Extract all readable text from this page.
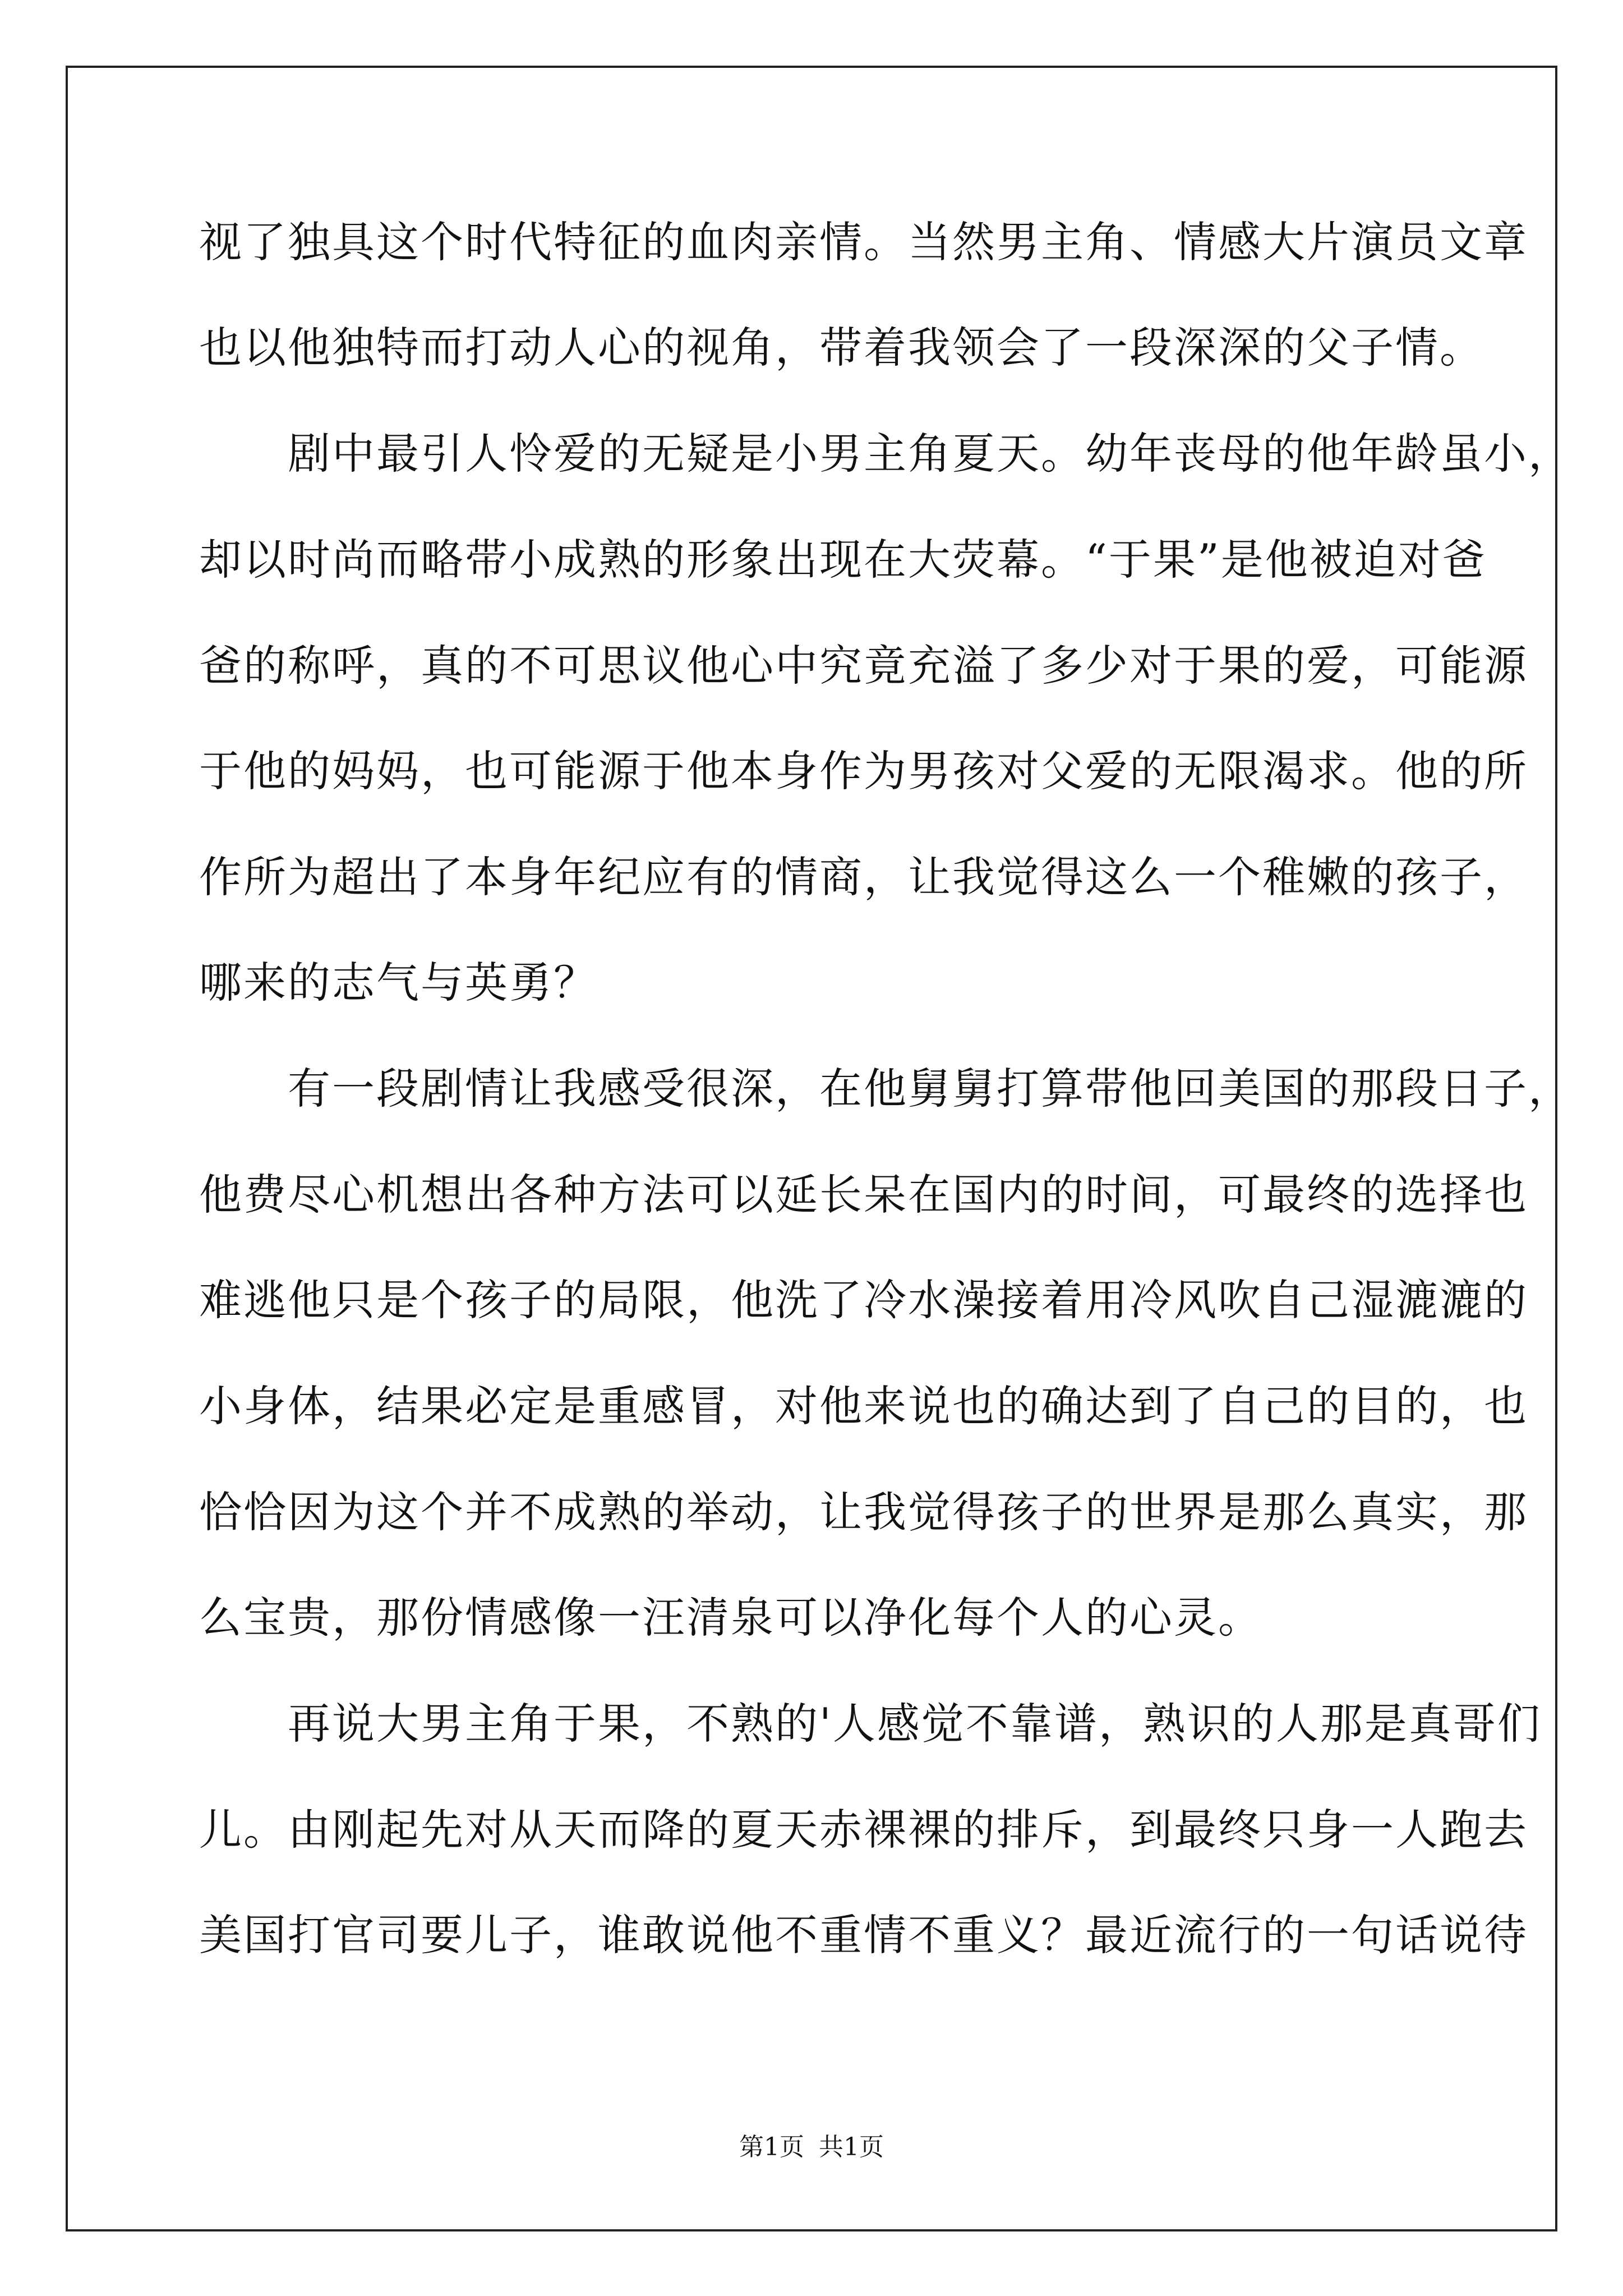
视了独具这个时代特征的血肉亲情。当然男主角、情感大片演员文章
也以他独特而打动人心的视角，带着我领会了一段深深的父子情。
　　剧中最引人怜爱的无疑是小男主角夏天。幼年丧母的他年龄虽小，
却以时尚而略带小成熟的形象出现在大荧幕。“于果”是他被迫对爸
爸的称呼，真的不可思议他心中究竟充溢了多少对于果的爱，可能源
于他的妈妈，也可能源于他本身作为男孩对父爱的无限渴求。他的所
作所为超出了本身年纪应有的情商，让我觉得这么一个稚嫩的孩子，
哪来的志气与英勇？
　　有一段剧情让我感受很深，在他舅舅打算带他回美国的那段日子，
他费尽心机想出各种方法可以延长呆在国内的时间，可最终的选择也
难逃他只是个孩子的局限，他洗了冷水澡接着用冷风吹自己湿漉漉的
小身体，结果必定是重感冒，对他来说也的确达到了自己的目的，也
恰恰因为这个并不成熟的举动，让我觉得孩子的世界是那么真实，那
么宝贵，那份情感像一汪清泉可以净化每个人的心灵。
　　再说大男主角于果，不熟的'人感觉不靠谱，熟识的人那是真哥们
儿。由刚起先对从天而降的夏天赤裸裸的排斥，到最终只身一人跑去
美国打官司要儿子，谁敢说他不重情不重义？最近流行的一句话说待
第1页 共1页
